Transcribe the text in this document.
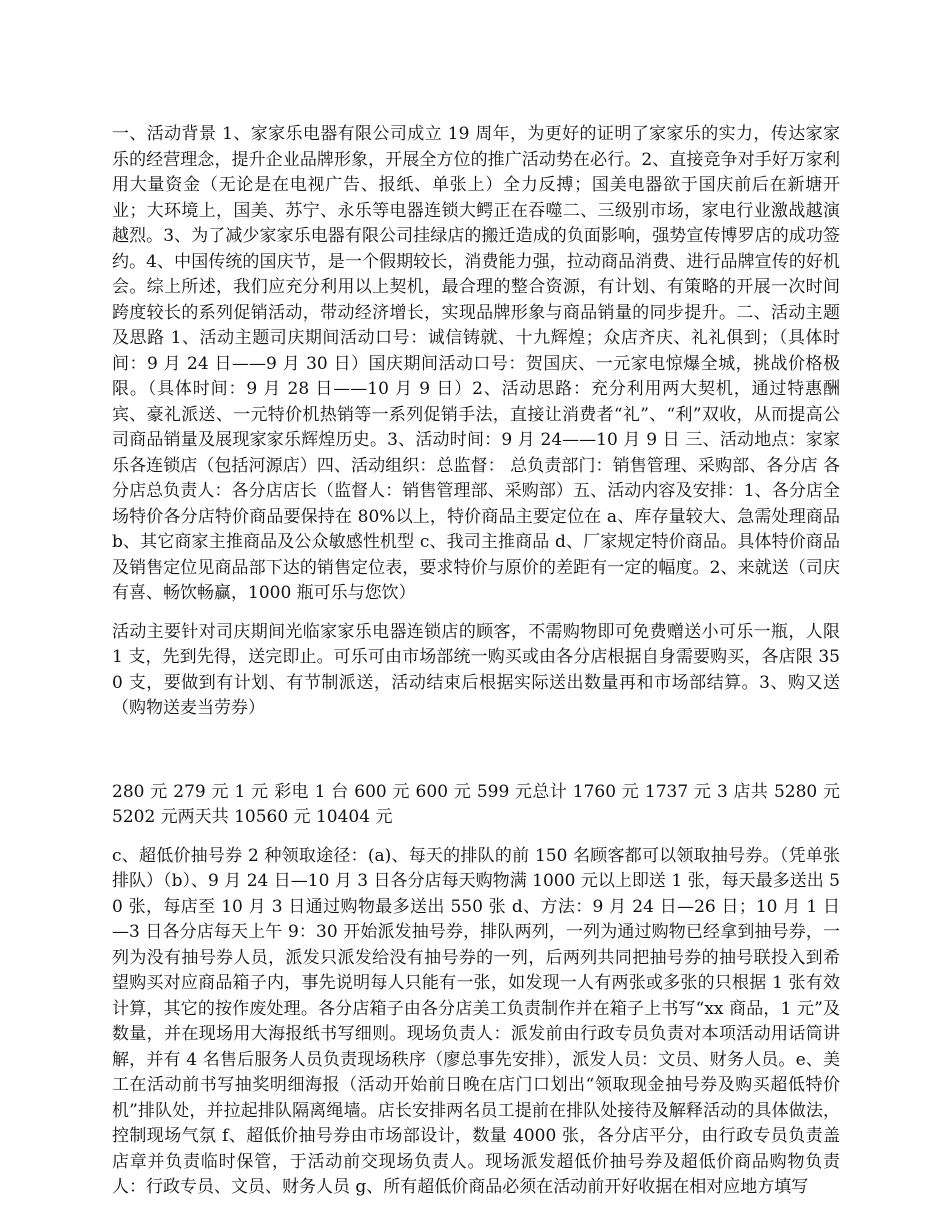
一、活动背景 1、家家乐电器有限公司成立 19 周年，为更好的证明了家家乐的实力，传达家家乐的经营理念，提升企业品牌形象，开展全方位的推广活动势在必行。2、直接竞争对手好万家利用大量资金（无论是在电视广告、报纸、单张上）全力反搏；国美电器欲于国庆前后在新塘开业；大环境上，国美、苏宁、永乐等电器连锁大鳄正在吞噬二、三级别市场，家电行业激战越演越烈。3、为了减少家家乐电器有限公司挂绿店的搬迁造成的负面影响，强势宣传博罗店的成功签约。4、中国传统的国庆节，是一个假期较长，消费能力强，拉动商品消费、进行品牌宣传的好机会。综上所述，我们应充分利用以上契机，最合理的整合资源，有计划、有策略的开展一次时间跨度较长的系列促销活动，带动经济增长，实现品牌形象与商品销量的同步提升。二、活动主题及思路 1、活动主题司庆期间活动口号：诚信铸就、十九辉煌；众店齐庆、礼礼俱到；（具体时间：9 月 24 日——9 月 30 日）国庆期间活动口号：贺国庆、一元家电惊爆全城，挑战价格极限。（具体时间：9 月 28 日——10 月 9 日）2、活动思路：充分利用两大契机，通过特惠酬宾、豪礼派送、一元特价机热销等一系列促销手法，直接让消费者“礼”、“利”双收，从而提高公司商品销量及展现家家乐辉煌历史。3、活动时间：9 月 24——10 月 9 日 三、活动地点：家家乐各连锁店（包括河源店）四、活动组织：总监督： 总负责部门：销售管理、采购部、各分店 各分店总负责人：各分店店长（监督人：销售管理部、采购部）五、活动内容及安排：1、各分店全场特价各分店特价商品要保持在 80%以上，特价商品主要定位在 a、库存量较大、急需处理商品 b、其它商家主推商品及公众敏感性机型 c、我司主推商品 d、厂家规定特价商品。具体特价商品及销售定位见商品部下达的销售定位表，要求特价与原价的差距有一定的幅度。2、来就送（司庆有喜、畅饮畅赢，1000 瓶可乐与您饮）

活动主要针对司庆期间光临家家乐电器连锁店的顾客，不需购物即可免费赠送小可乐一瓶，人限 1 支，先到先得，送完即止。可乐可由市场部统一购买或由各分店根据自身需要购买，各店限 350 支，要做到有计划、有节制派送，活动结束后根据实际送出数量再和市场部结算。3、购又送（购物送麦当劳券）

280 元 279 元 1 元 彩电 1 台 600 元 600 元 599 元总计 1760 元 1737 元 3 店共 5280 元 5202 元两天共 10560 元 10404 元

c、超低价抽号券 2 种领取途径：(a)、每天的排队的前 150 名顾客都可以领取抽号券。（凭单张排队）（b）、9 月 24 日—10 月 3 日各分店每天购物满 1000 元以上即送 1 张，每天最多送出 50 张，每店至 10 月 3 日通过购物最多送出 550 张 d、方法：9 月 24 日—26 日；10 月 1 日—3 日各分店每天上午 9：30 开始派发抽号券，排队两列，一列为通过购物已经拿到抽号券，一列为没有抽号券人员，派发只派发给没有抽号券的一列，后两列共同把抽号券的抽号联投入到希望购买对应商品箱子内，事先说明每人只能有一张，如发现一人有两张或多张的只根据 1 张有效计算，其它的按作废处理。各分店箱子由各分店美工负责制作并在箱子上书写“xx 商品，1 元”及数量，并在现场用大海报纸书写细则。现场负责人：派发前由行政专员负责对本项活动用话筒讲解，并有 4 名售后服务人员负责现场秩序（廖总事先安排），派发人员：文员、财务人员。e、美工在活动前书写抽奖明细海报（活动开始前日晚在店门口划出“领取现金抽号券及购买超低特价机”排队处，并拉起排队隔离绳墙。店长安排两名员工提前在排队处接待及解释活动的具体做法，控制现场气氛 f、超低价抽号券由市场部设计，数量 4000 张，各分店平分，由行政专员负责盖店章并负责临时保管，于活动前交现场负责人。现场派发超低价抽号券及超低价商品购物负责人：行政专员、文员、财务人员 g、所有超低价商品必须在活动前开好收据在相对应地方填写
